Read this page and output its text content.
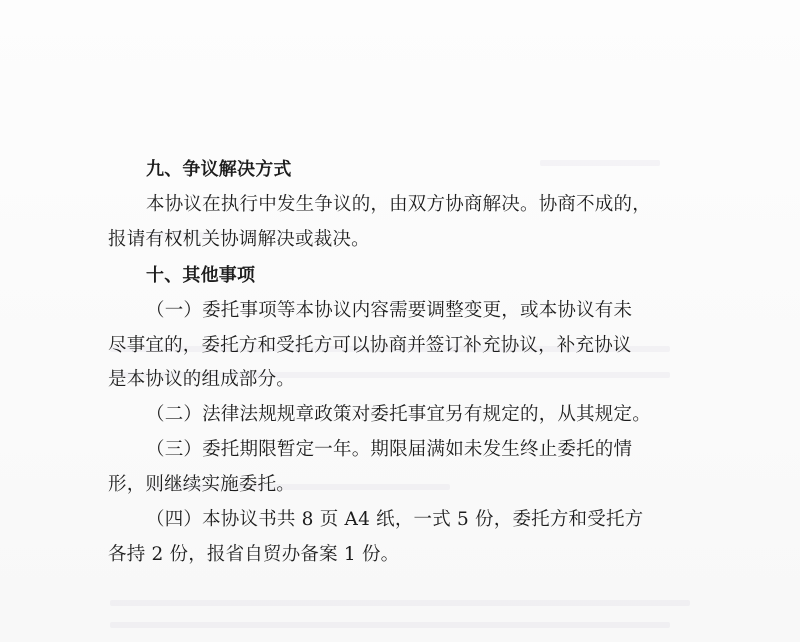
九、争议解决方式
本协议在执行中发生争议的，由双方协商解决。协商不成的，
报请有权机关协调解决或裁决。
十、其他事项
（一）委托事项等本协议内容需要调整变更，或本协议有未
尽事宜的，委托方和受托方可以协商并签订补充协议，补充协议
是本协议的组成部分。
（二）法律法规规章政策对委托事宜另有规定的，从其规定。
（三）委托期限暂定一年。期限届满如未发生终止委托的情
形，则继续实施委托。
（四）本协议书共 8 页 A4 纸，一式 5 份，委托方和受托方
各持 2 份，报省自贸办备案 1 份。
